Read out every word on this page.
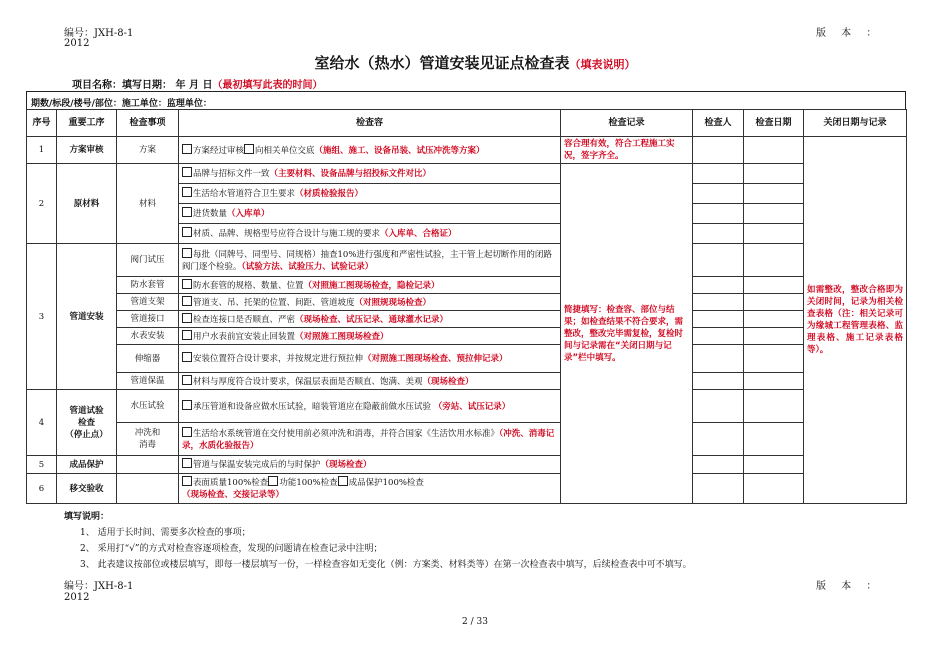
编号：JXH-8-1
2012
版 本 ：
室给水（热水）管道安装见证点检查表（填表说明）
项目名称：填写日期： 年 月 日（最初填写此表的时间）
期数/标段/楼号/部位：施工单位：监理单位：
序号	重要工序	检查事项	检查容	检查记录	检查人	检查日期	关闭日期与记录
1	方案审核	方案	方案经过审核 向相关单位交底（施组、施工、设备吊装、试压冲洗等方案）	容合理有效，符合工程施工实况，签字齐全。			如需整改，整改合格即为关闭时间，记录为相关检查表格（注：相关记录可为缘城工程管理表格、监理表格、施工记录表格等）。
2	原材料	材料	品牌与招标文件一致（主要材料、设备品牌与招投标文件对比）	简捷填写：检查容、部位与结果；如检查结果不符合要求，需整改，整改完毕需复检，复检时间与记录需在“关闭日期与记录”栏中填写。			
			生活给水管道符合卫生要求（材质检验报告）				
			进货数量（入库单）				
			材质、品牌、规格型号应符合设计与施工规的要求（入库单、合格证）				
3	管道安装	阀门试压	每批（同牌号、同型号、同规格）抽查10%进行强度和严密性试验，主干管上起切断作用的闭路阀门逐个检验。（试验方法、试验压力、试验记录）				
		防水套管	防水套管的规格、数量、位置（对照施工图现场检查，隐检记录）				
		管道支架	管道支、吊、托架的位置、间距、管道坡度（对照规现场检查）				
		管道接口	检查连接口是否顺直、严密（现场检查、试压记录、通球灌水记录）				
		水表安装	用户水表前宜安装止回装置（对照施工图现场检查）				
		伸缩器	安装位置符合设计要求，并按规定进行预拉伸（对照施工图现场检查、预拉伸记录）				
		管道保温	材料与厚度符合设计要求，保温层表面是否顺直、饱满、美观（现场检查）				
4	管道试验
检查
（停止点）	水压试验	承压管道和设备应做水压试验，暗装管道应在隐蔽前做水压试验 （旁站、试压记录）				

		冲洗和
消毒	生活给水系统管道在交付使用前必须冲洗和消毒，并符合国家《生活饮用水标准》（冲洗、消毒记录，水质化验报告）				
5	成品保护		管道与保温安装完成后的与时保护（现场检查）				
6	移交验收		表面质量100%检查 功能100%检查 成品保护100%检查
（现场检查、交接记录等）				
填写说明：
1、 适用于长时间、需要多次检查的事项；
2、 采用打“√”的方式对检查容逐项检查，发现的问题请在检查记录中注明；
3、 此表建议按部位或楼层填写，即每一楼层填写一份，一样检查容如无变化（例：方案类、材料类等）在第一次检查表中填写，后续检查表中可不填写。
编号：JXH-8-1
2012
版 本 ：
2 / 33
